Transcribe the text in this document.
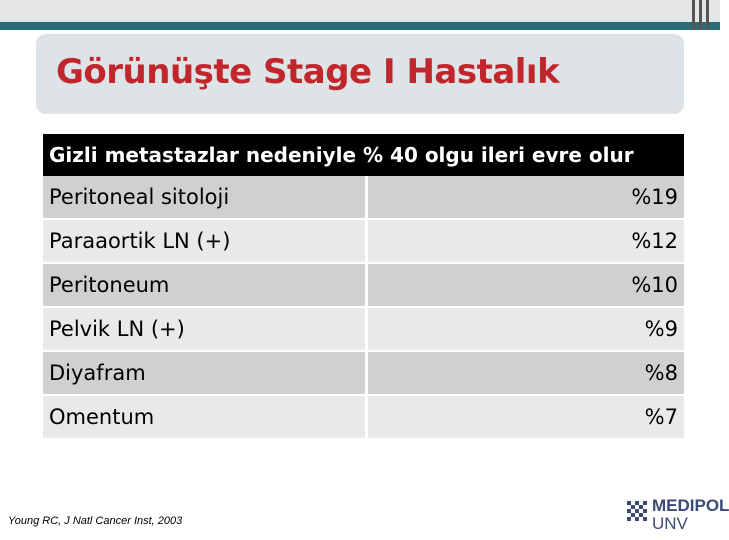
Görünüşte Stage I Hastalık
Gizli metastazlar nedeniyle % 40 olgu ileri evre olur	
Peritoneal sitoloji	%19
Paraaortik LN (+)	%12
Peritoneum	%10
Pelvik LN (+)	%9
Diyafram	%8
Omentum	%7
Young RC, J Natl Cancer Inst, 2003
MEDIPOL
UNV
